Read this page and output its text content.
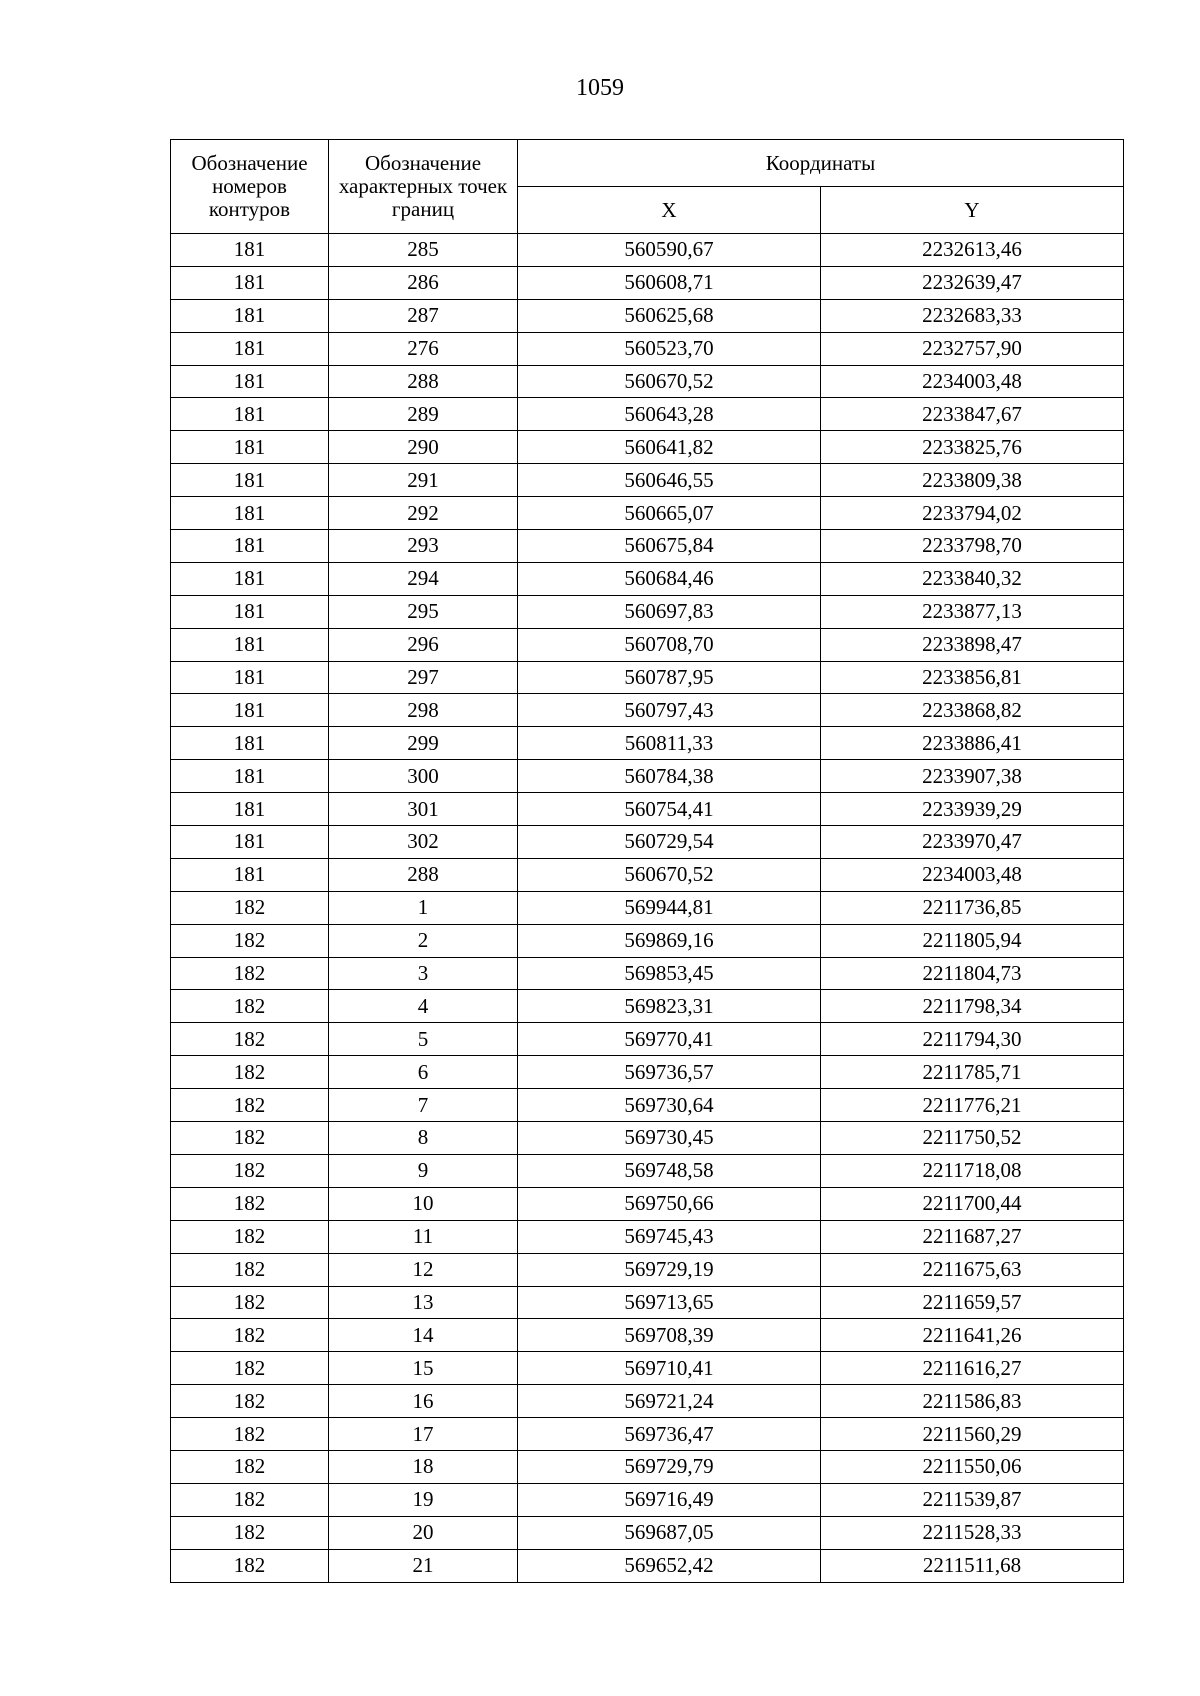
1059
Обозначение номеров контуров	Обозначение характерных точек границ	Координаты	
		X	Y
181	285	560590,67	2232613,46
181	286	560608,71	2232639,47
181	287	560625,68	2232683,33
181	276	560523,70	2232757,90
181	288	560670,52	2234003,48
181	289	560643,28	2233847,67
181	290	560641,82	2233825,76
181	291	560646,55	2233809,38
181	292	560665,07	2233794,02
181	293	560675,84	2233798,70
181	294	560684,46	2233840,32
181	295	560697,83	2233877,13
181	296	560708,70	2233898,47
181	297	560787,95	2233856,81
181	298	560797,43	2233868,82
181	299	560811,33	2233886,41
181	300	560784,38	2233907,38
181	301	560754,41	2233939,29
181	302	560729,54	2233970,47
181	288	560670,52	2234003,48
182	1	569944,81	2211736,85
182	2	569869,16	2211805,94
182	3	569853,45	2211804,73
182	4	569823,31	2211798,34
182	5	569770,41	2211794,30
182	6	569736,57	2211785,71
182	7	569730,64	2211776,21
182	8	569730,45	2211750,52
182	9	569748,58	2211718,08
182	10	569750,66	2211700,44
182	11	569745,43	2211687,27
182	12	569729,19	2211675,63
182	13	569713,65	2211659,57
182	14	569708,39	2211641,26
182	15	569710,41	2211616,27
182	16	569721,24	2211586,83
182	17	569736,47	2211560,29
182	18	569729,79	2211550,06
182	19	569716,49	2211539,87
182	20	569687,05	2211528,33
182	21	569652,42	2211511,68
